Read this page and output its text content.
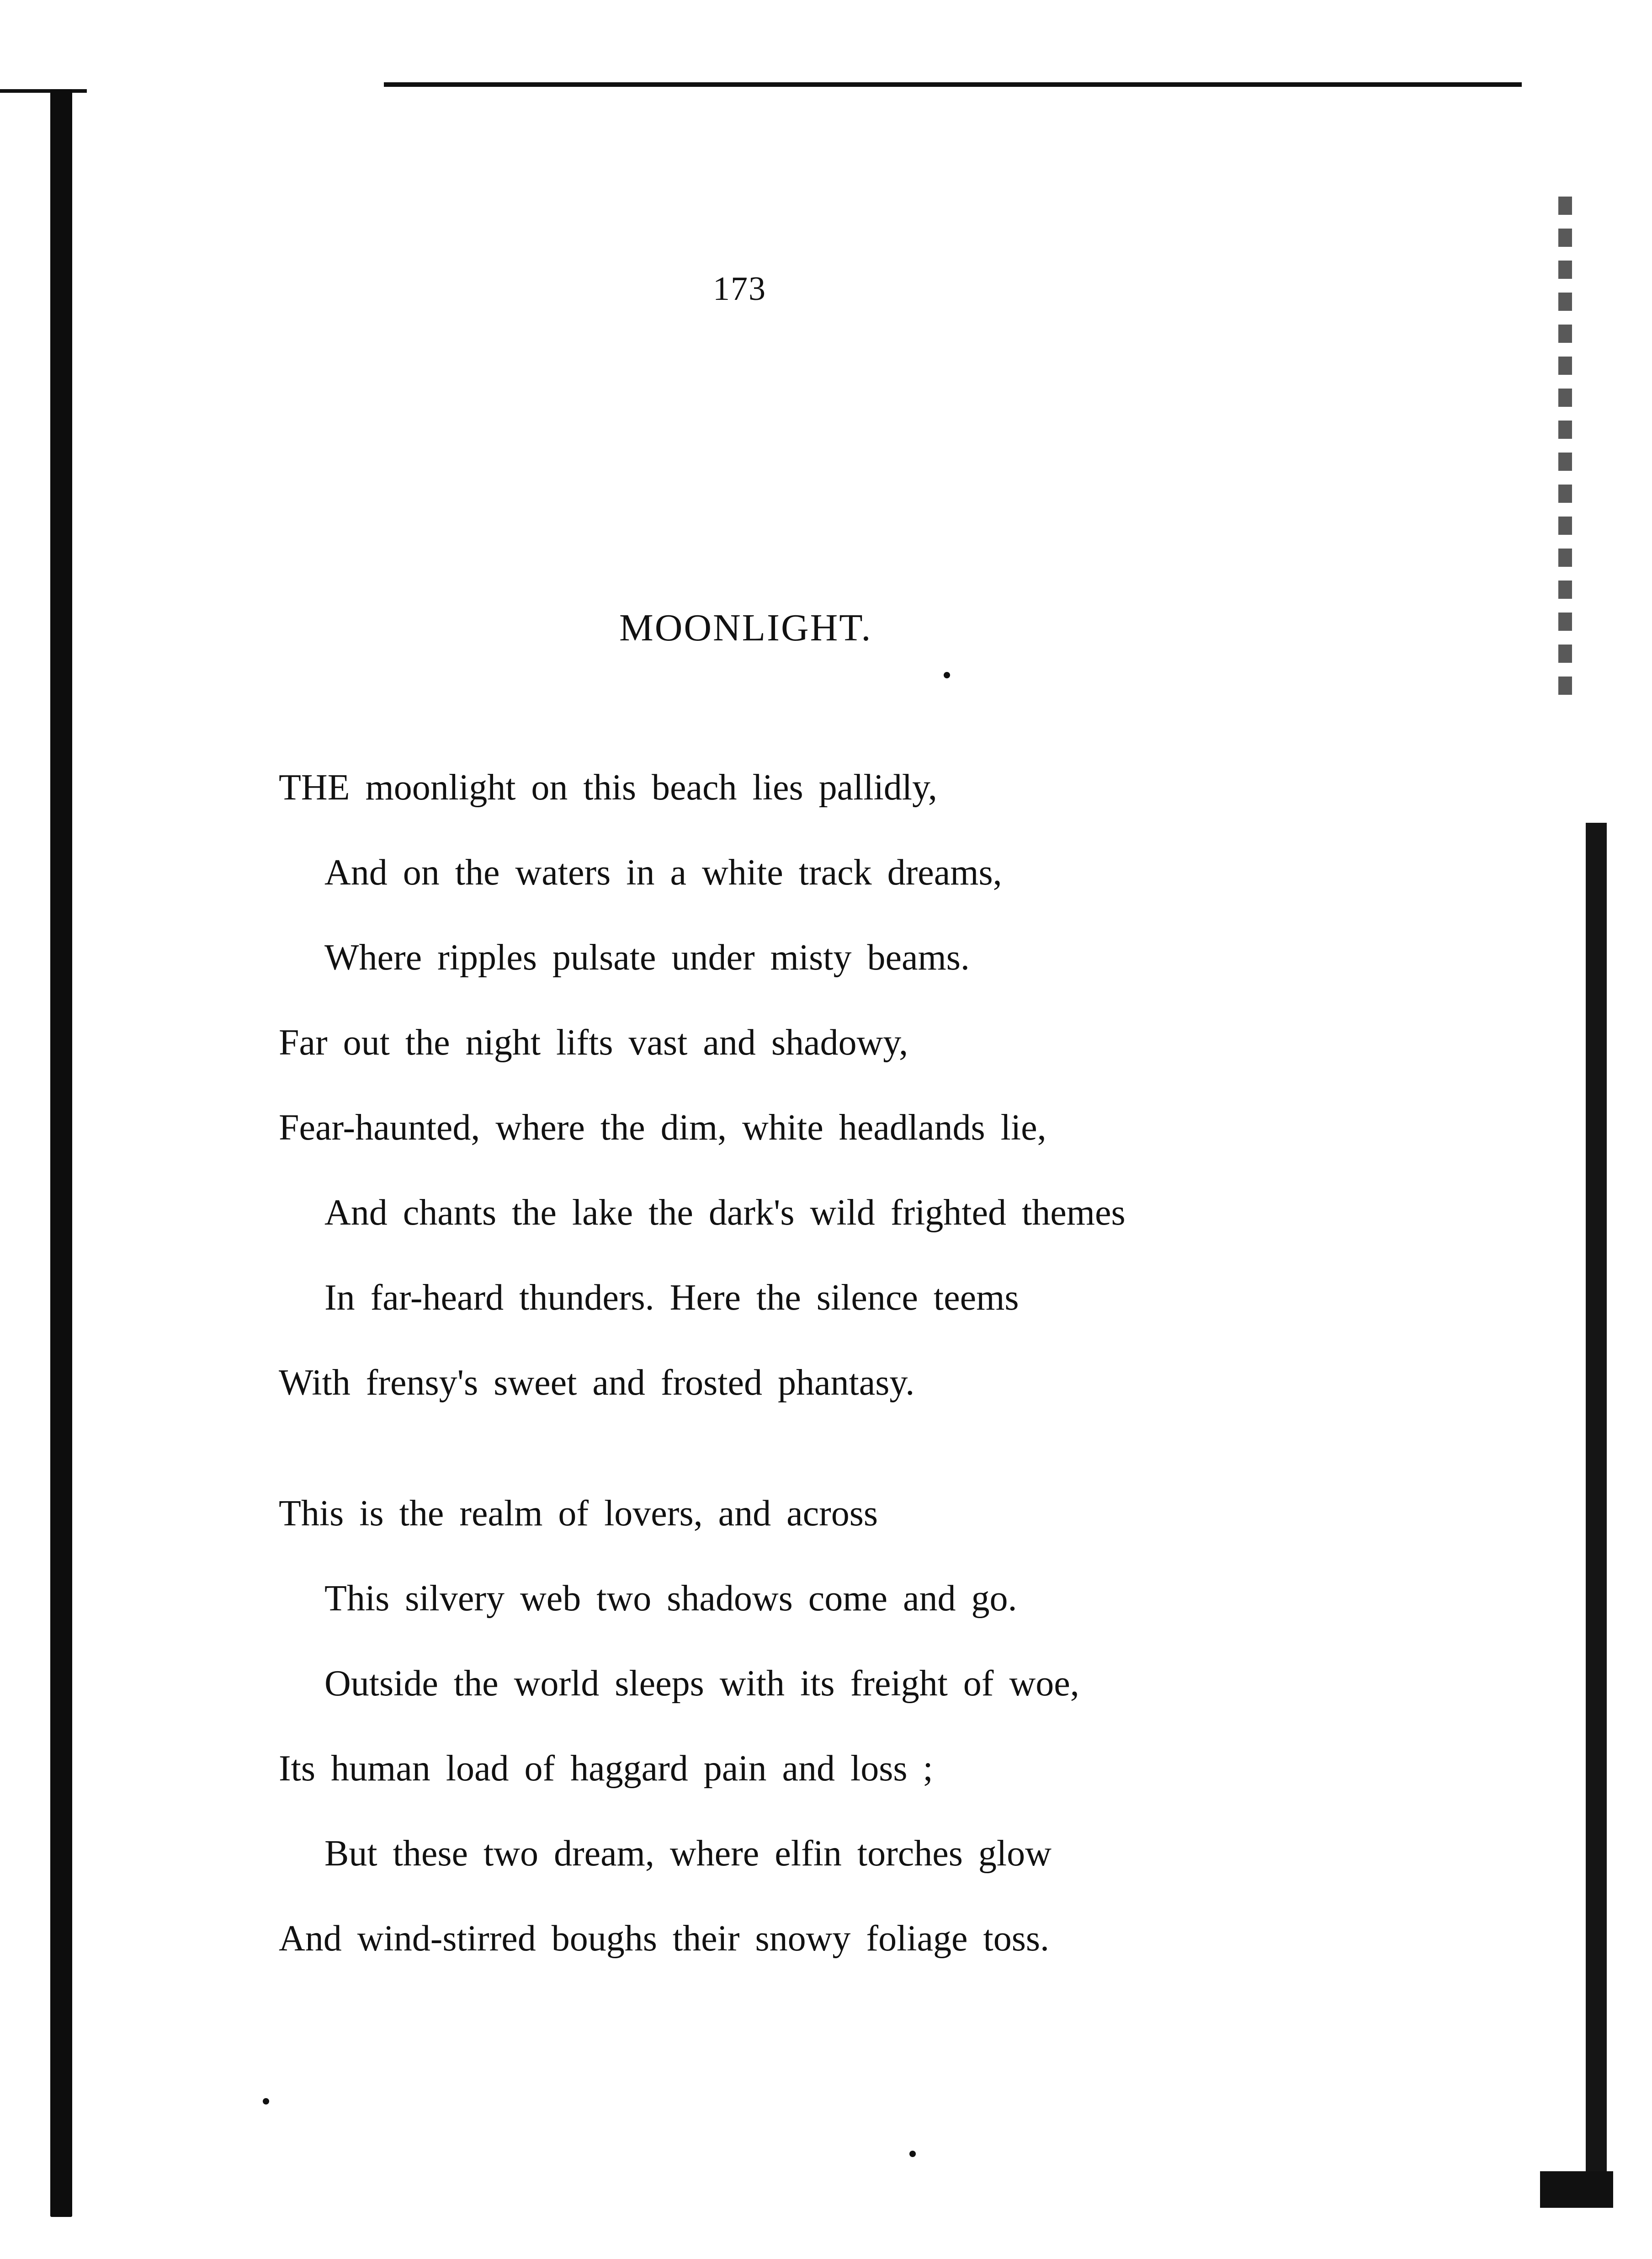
173
MOONLIGHT.
THE moonlight on this beach lies pallidly,
And on the waters in a white track dreams,
Where ripples pulsate under misty beams.
Far out the night lifts vast and shadowy,
Fear-haunted, where the dim, white headlands lie,
And chants the lake the dark's wild frighted themes
In far-heard thunders. Here the silence teems
With frensy's sweet and frosted phantasy.
This is the realm of lovers, and across
This silvery web two shadows come and go.
Outside the world sleeps with its freight of woe,
Its human load of haggard pain and loss ;
But these two dream, where elfin torches glow
And wind-stirred boughs their snowy foliage toss.
